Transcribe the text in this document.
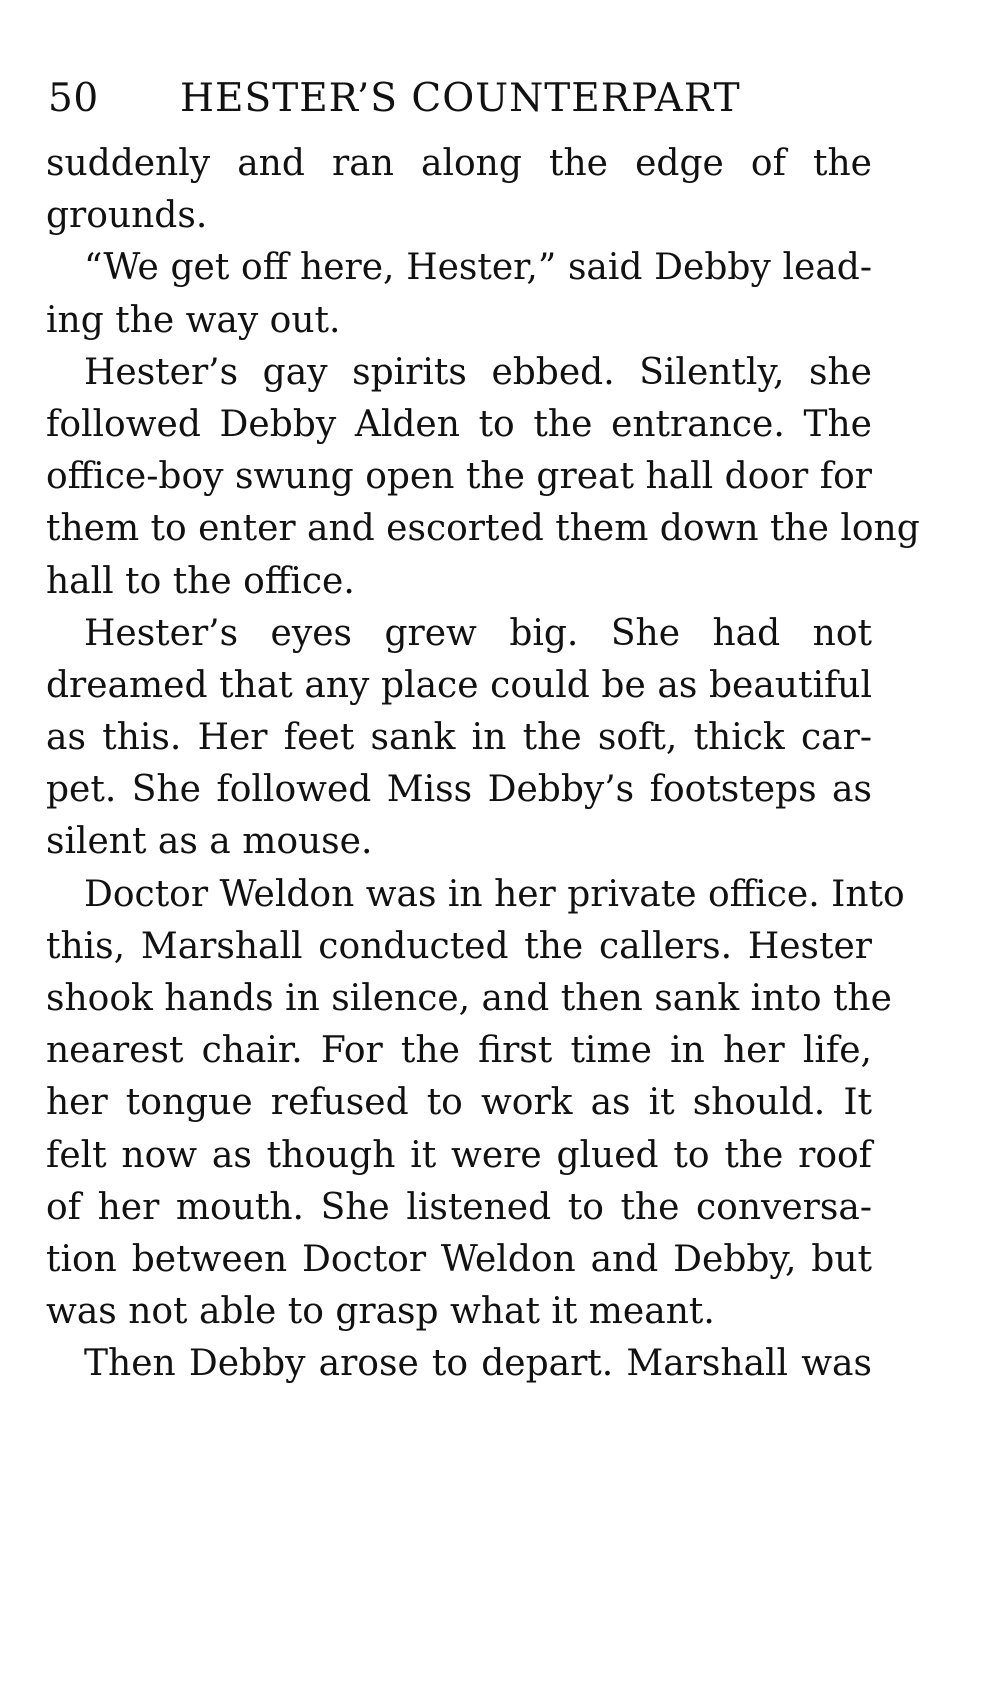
50 HESTER’S COUNTERPART
suddenly and ran along the edge of the
grounds.
“We get off here, Hester,” said Debby lead-
ing the way out.
Hester’s gay spirits ebbed. Silently, she
followed Debby Alden to the entrance. The
office-boy swung open the great hall door for
them to enter and escorted them down the long
hall to the office.
Hester’s eyes grew big. She had not
dreamed that any place could be as beautiful
as this. Her feet sank in the soft, thick car-
pet. She followed Miss Debby’s footsteps as
silent as a mouse.
Doctor Weldon was in her private office. Into
this, Marshall conducted the callers. Hester
shook hands in silence, and then sank into the
nearest chair. For the first time in her life,
her tongue refused to work as it should. It
felt now as though it were glued to the roof
of her mouth. She listened to the conversa-
tion between Doctor Weldon and Debby, but
was not able to grasp what it meant.
Then Debby arose to depart. Marshall was
